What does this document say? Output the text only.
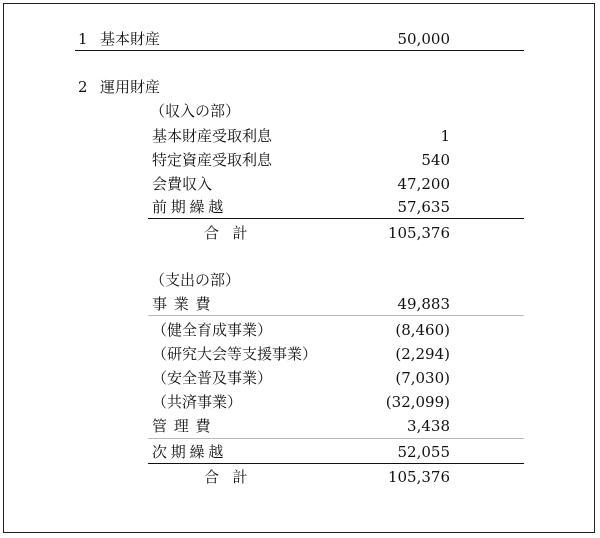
1 基本財産	50,000
2 運用財産
（収入の部）
基本財産受取利息	1
特定資産受取利息	540
会費収入	47,200
前期繰越	57,635
合計	105,376
（支出の部）
事業費	49,883
（健全育成事業）	(8,460)
（研究大会等支援事業）	(2,294)
（安全普及事業）	(7,030)
（共済事業）	(32,099)
管理費	3,438
次期繰越	52,055
合計	105,376
